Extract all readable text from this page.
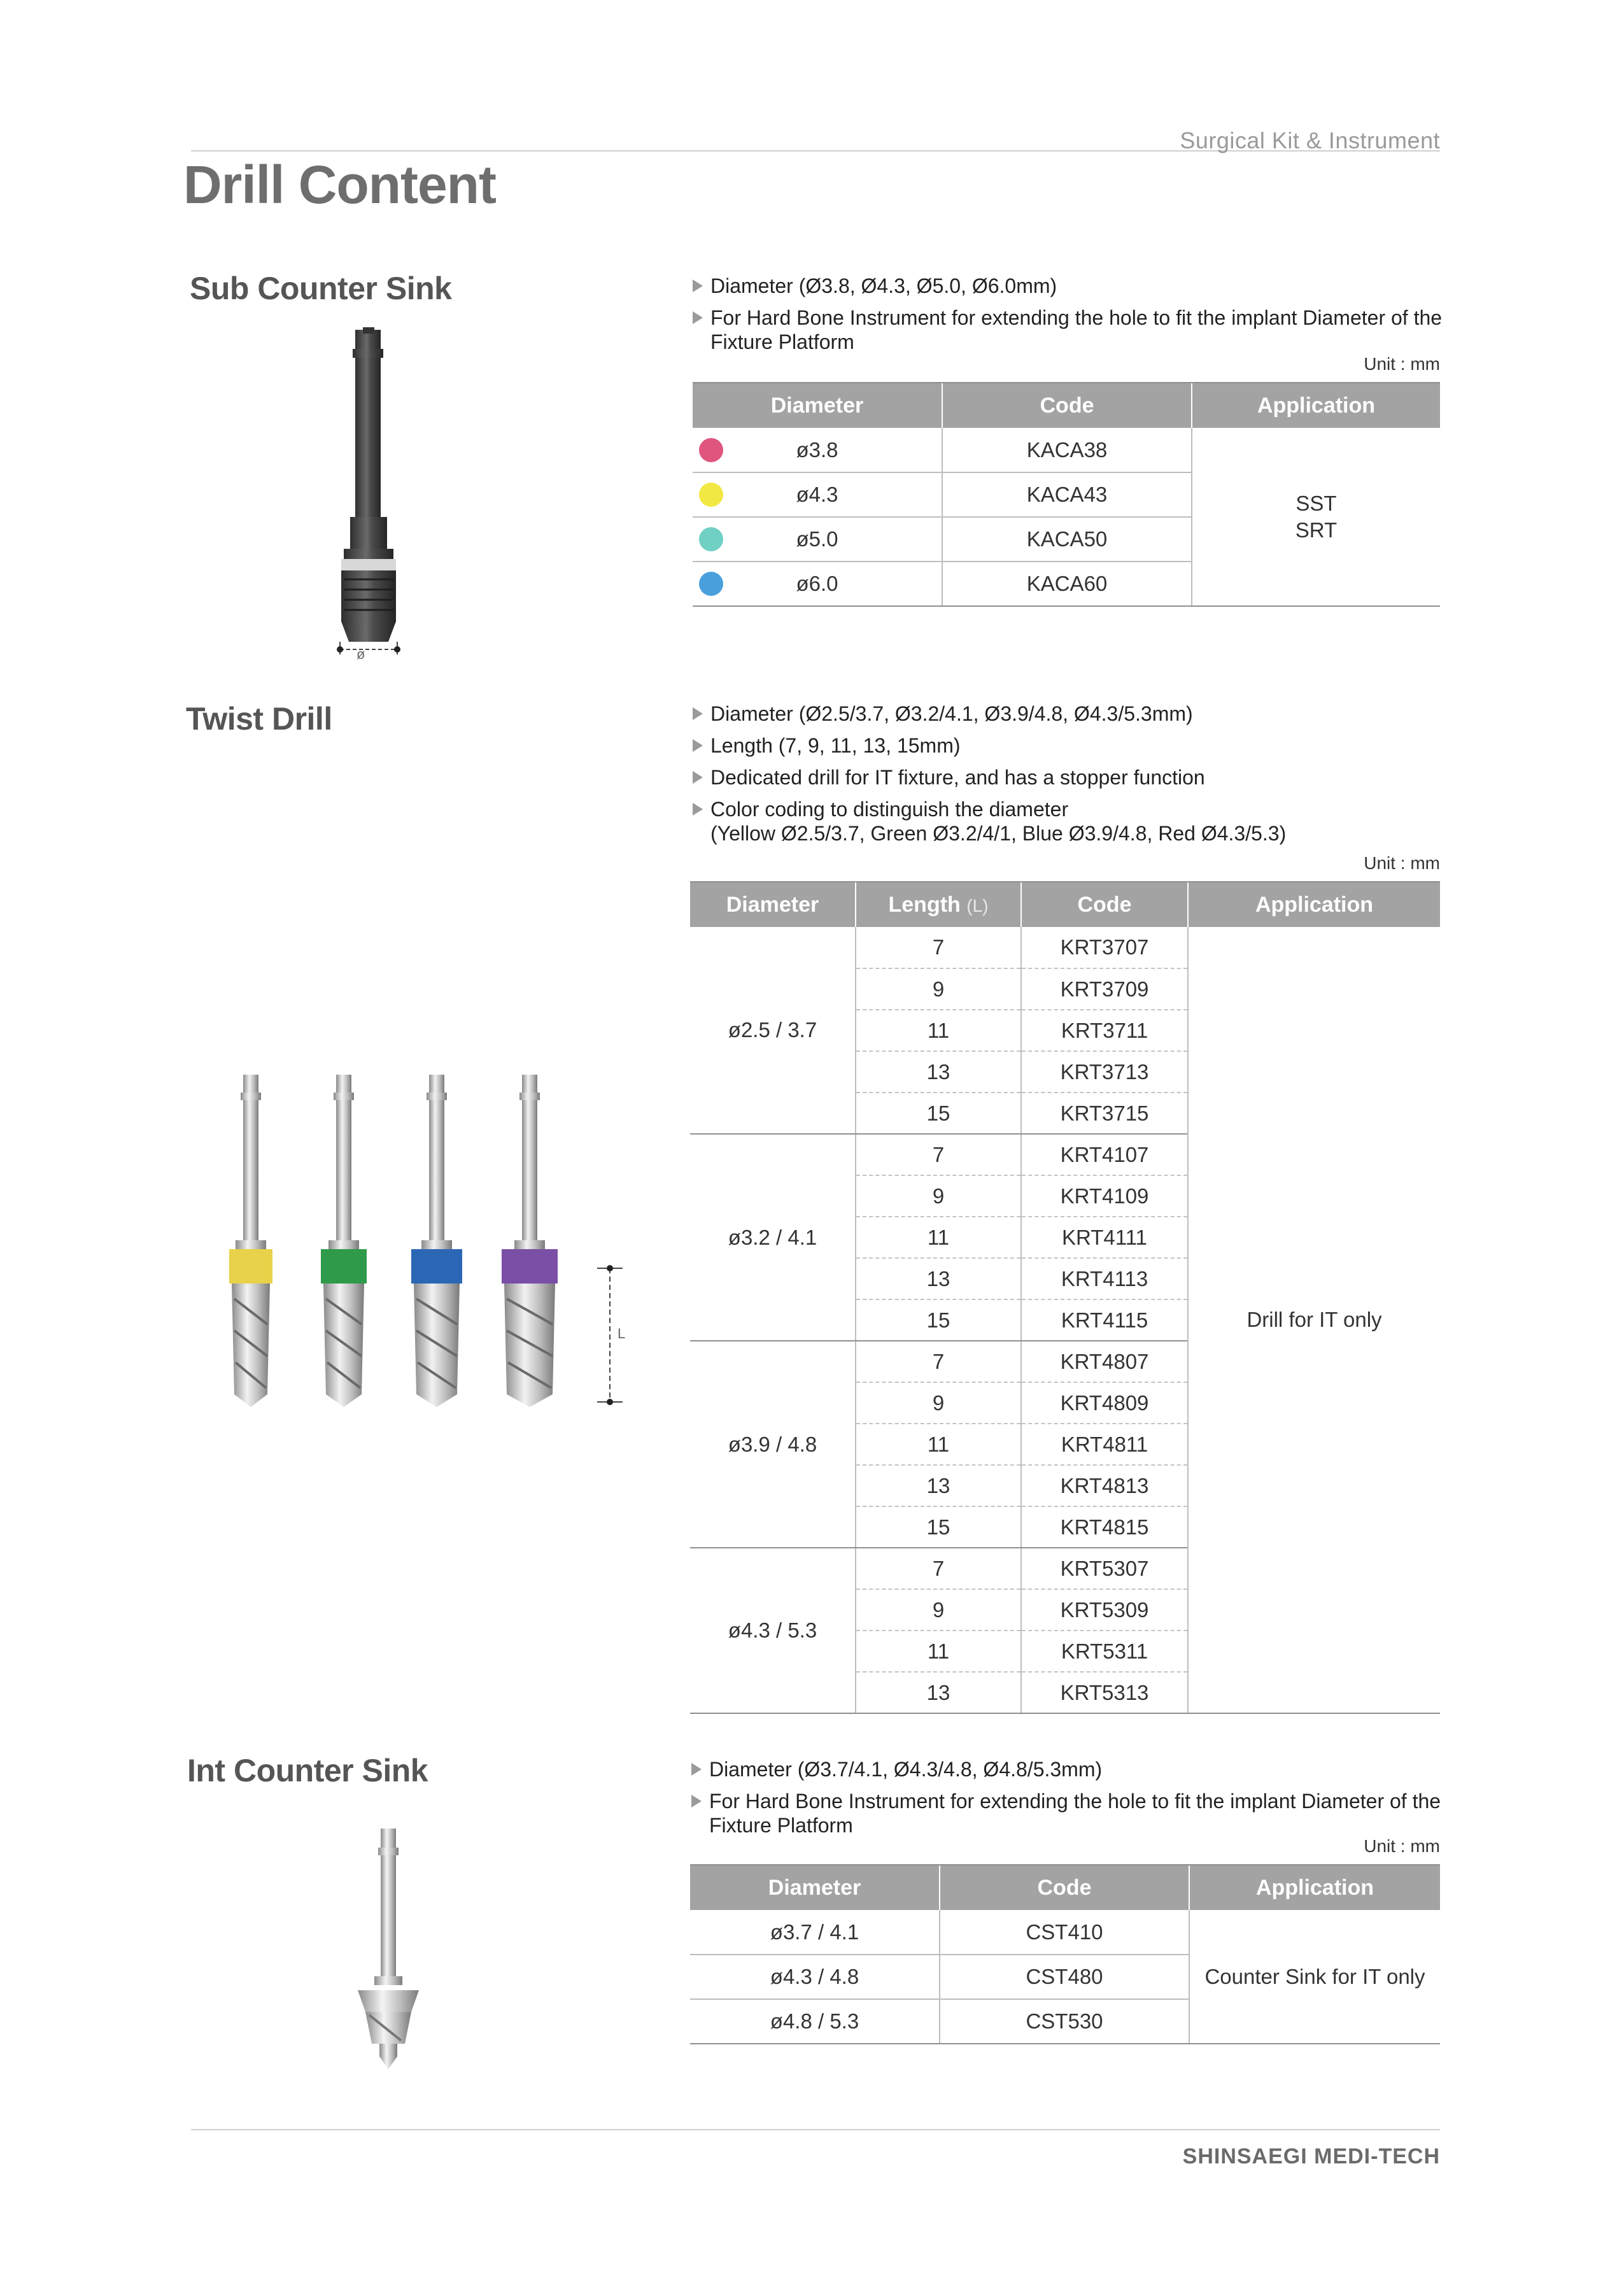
Surgical Kit & Instrument
Drill Content
Sub Counter Sink
ø
Diameter (Ø3.8, Ø4.3, Ø5.0, Ø6.0mm)
For Hard Bone Instrument for extending the hole to fit the implant Diameter of the Fixture Platform
Unit : mm
Diameter	Code	Application

ø3.8	KACA38	SST
SRT

ø4.3	KACA43	

ø5.0	KACA50	

ø6.0	KACA60	
Twist Drill
L
Diameter (Ø2.5/3.7, Ø3.2/4.1, Ø3.9/4.8, Ø4.3/5.3mm)
Length (7, 9, 11, 13, 15mm)
Dedicated drill for IT fixture, and has a stopper function
Color coding to distinguish the diameter
(Yellow Ø2.5/3.7, Green Ø3.2/4/1, Blue Ø3.9/4.8, Red Ø4.3/5.3)
Unit : mm
Diameter	Length (L)	Code	Application
ø2.5 / 3.7	7	KRT3707	Drill for IT only
	9	KRT3709	
	11	KRT3711	
	13	KRT3713	
	15	KRT3715	
ø3.2 / 4.1	7	KRT4107	
	9	KRT4109	
	11	KRT4111	
	13	KRT4113	
	15	KRT4115	
ø3.9 / 4.8	7	KRT4807	
	9	KRT4809	
	11	KRT4811	
	13	KRT4813	
	15	KRT4815	
ø4.3 / 5.3	7	KRT5307	
	9	KRT5309	
	11	KRT5311	
	13	KRT5313	
Int Counter Sink	Diameter (Ø3.7/4.1, Ø4.3/4.8, Ø4.8/5.3mm)
For Hard Bone Instrument for extending the hole to fit the implant Diameter of the Fixture Platform
Unit : mm
Diameter	Code	Application
ø3.7 / 4.1	CST410	Counter Sink for IT only
ø4.3 / 4.8	CST480	
ø4.8 / 5.3	CST530	
SHINSAEGI MEDI-TECH
